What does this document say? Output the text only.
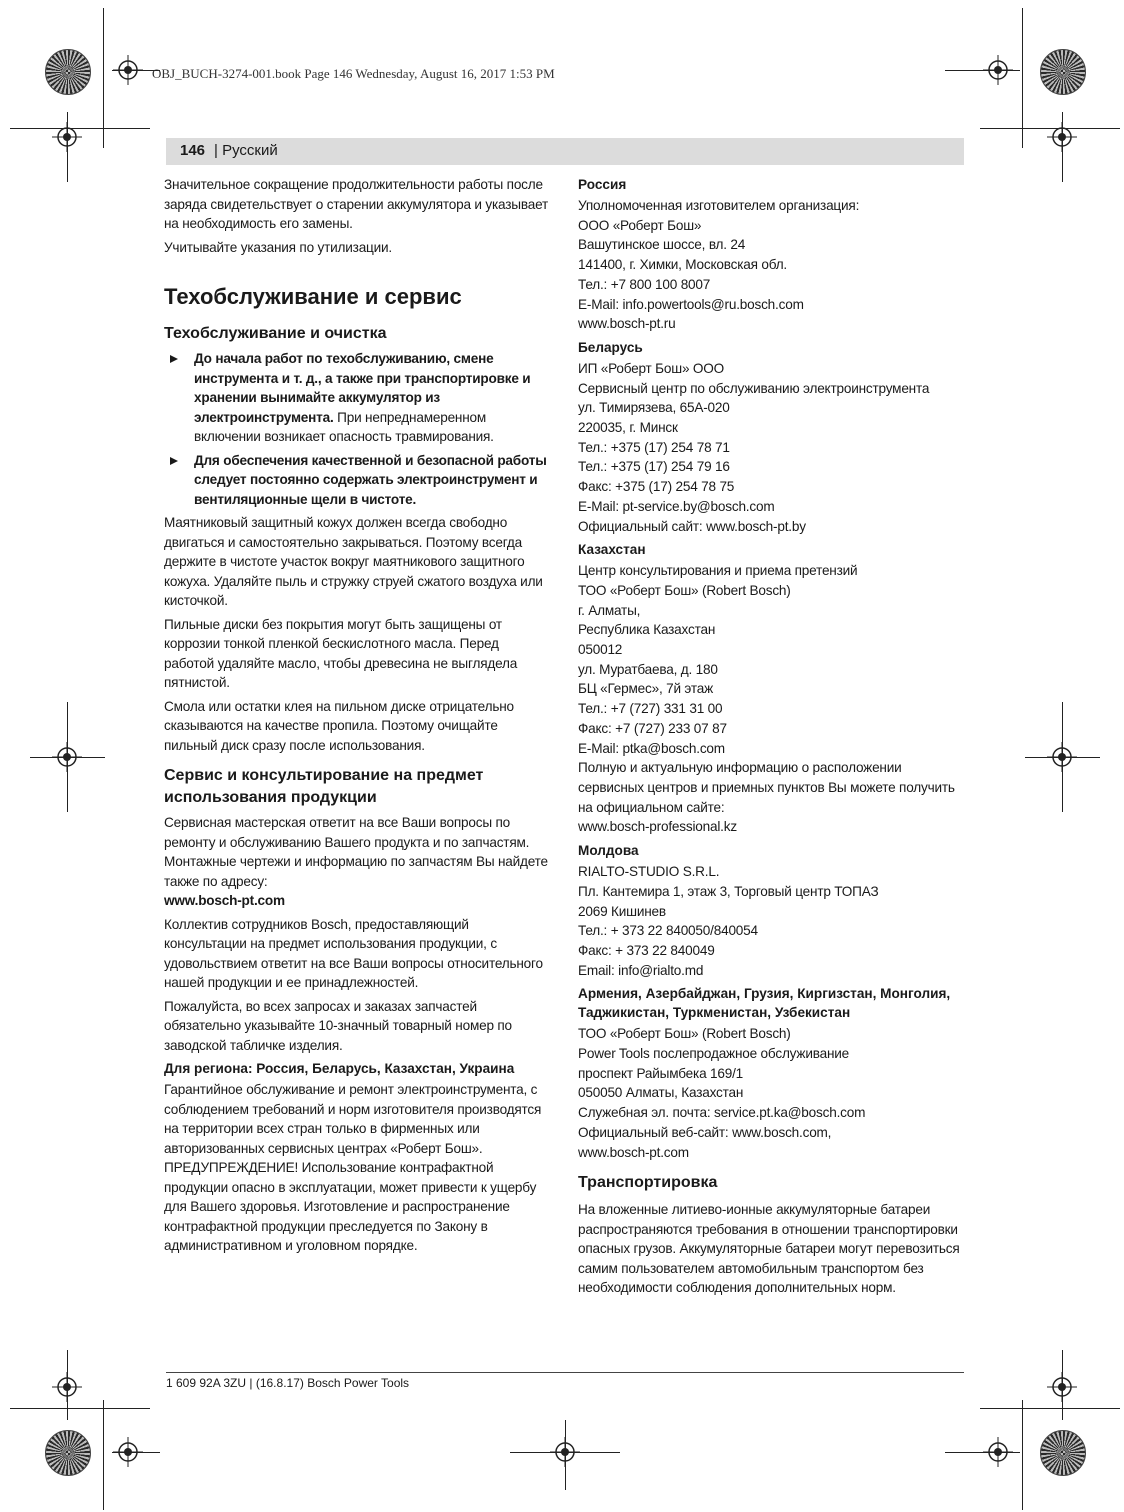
OBJ_BUCH-3274-001.book Page 146 Wednesday, August 16, 2017 1:53 PM
146 | Русский

Значительное сокращение продолжительности работы после заряда свидетельствует о старении аккумулятора и указывает на необходимость его замены.

Учитывайте указания по утилизации.

Техобслуживание и сервис
Техобслуживание и очистка
До начала работ по техобслуживанию, смене инструмента и т. д., а также при транспортировке и хранении вынимайте аккумулятор из электроинструмента. При непреднамеренном включении возникает опасность травмирования.
Для обеспечения качественной и безопасной работы следует постоянно содержать электроинструмент и вентиляционные щели в чистоте.

Маятниковый защитный кожух должен всегда свободно двигаться и самостоятельно закрываться. Поэтому всегда держите в чистоте участок вокруг маятникового защитного кожуха. Удаляйте пыль и стружку струей сжатого воздуха или кисточкой.

Пильные диски без покрытия могут быть защищены от коррозии тонкой пленкой бескислотного масла. Перед работой удаляйте масло, чтобы древесина не выглядела пятнистой.

Смола или остатки клея на пильном диске отрицательно сказываются на качестве пропила. Поэтому очищайте пильный диск сразу после использования.

Сервис и консультирование на предмет использования продукции

Сервисная мастерская ответит на все Ваши вопросы по ремонту и обслуживанию Вашего продукта и по запчастям. Монтажные чертежи и информацию по запчастям Вы найдете также по адресу:

www.bosch-pt.com

Коллектив сотрудников Bosch, предоставляющий консультации на предмет использования продукции, с удовольствием ответит на все Ваши вопросы относительного нашей продукции и ее принадлежностей.

Пожалуйста, во всех запросах и заказах запчастей обязательно указывайте 10-значный товарный номер по заводской табличке изделия.

Для региона: Россия, Беларусь, Казахстан, Украина

Гарантийное обслуживание и ремонт электроинструмента, с соблюдением требований и норм изготовителя производятся на территории всех стран только в фирменных или авторизованных сервисных центрах «Роберт Бош». ПРЕДУПРЕЖДЕНИЕ! Использование контрафактной продукции опасно в эксплуатации, может привести к ущербу для Вашего здоровья. Изготовление и распространение контрафактной продукции преследуется по Закону в административном и уголовном порядке.

Россия
Уполномоченная изготовителем организация:
ООО «Роберт Бош»
Вашутинское шоссе, вл. 24
141400, г. Химки, Московская обл.
Тел.: +7 800 100 8007
E-Mail: info.powertools@ru.bosch.com
www.bosch-pt.ru
Беларусь
ИП «Роберт Бош» ООО
Сервисный центр по обслуживанию электроинструмента
ул. Тимирязева, 65А-020
220035, г. Минск
Тел.: +375 (17) 254 78 71
Тел.: +375 (17) 254 79 16
Факс: +375 (17) 254 78 75
E-Mail: pt-service.by@bosch.com
Официальный сайт: www.bosch-pt.by
Казахстан
Центр консультирования и приема претензий
ТОО «Роберт Бош» (Robert Bosch)
г. Алматы,
Республика Казахстан
050012
ул. Муратбаева, д. 180
БЦ «Гермес», 7й этаж
Тел.: +7 (727) 331 31 00
Факс: +7 (727) 233 07 87
E-Mail: ptka@bosch.com
Полную и актуальную информацию о расположении сервисных центров и приемных пунктов Вы можете получить на официальном сайте:
www.bosch-professional.kz
Молдова
RIALTO-STUDIO S.R.L.
Пл. Кантемира 1, этаж 3, Торговый центр ТОПАЗ
2069 Кишинев
Тел.: + 373 22 840050/840054
Факс: + 373 22 840049
Email: info@rialto.md
Армения, Азербайджан, Грузия, Киргизстан, Монголия, Таджикистан, Туркменистан, Узбекистан
ТОО «Роберт Бош» (Robert Bosch)
Power Tools послепродажное обслуживание
проспект Райымбека 169/1
050050 Алматы, Казахстан
Служебная эл. почта: service.pt.ka@bosch.com
Официальный веб-сайт: www.bosch.com,
www.bosch-pt.com
Транспортировка

На вложенные литиево-ионные аккумуляторные батареи распространяются требования в отношении транспортировки опасных грузов. Аккумуляторные батареи могут перевозиться самим пользователем автомобильным транспортом без необходимости соблюдения дополнительных норм.

1 609 92A 3ZU | (16.8.17) Bosch Power Tools
